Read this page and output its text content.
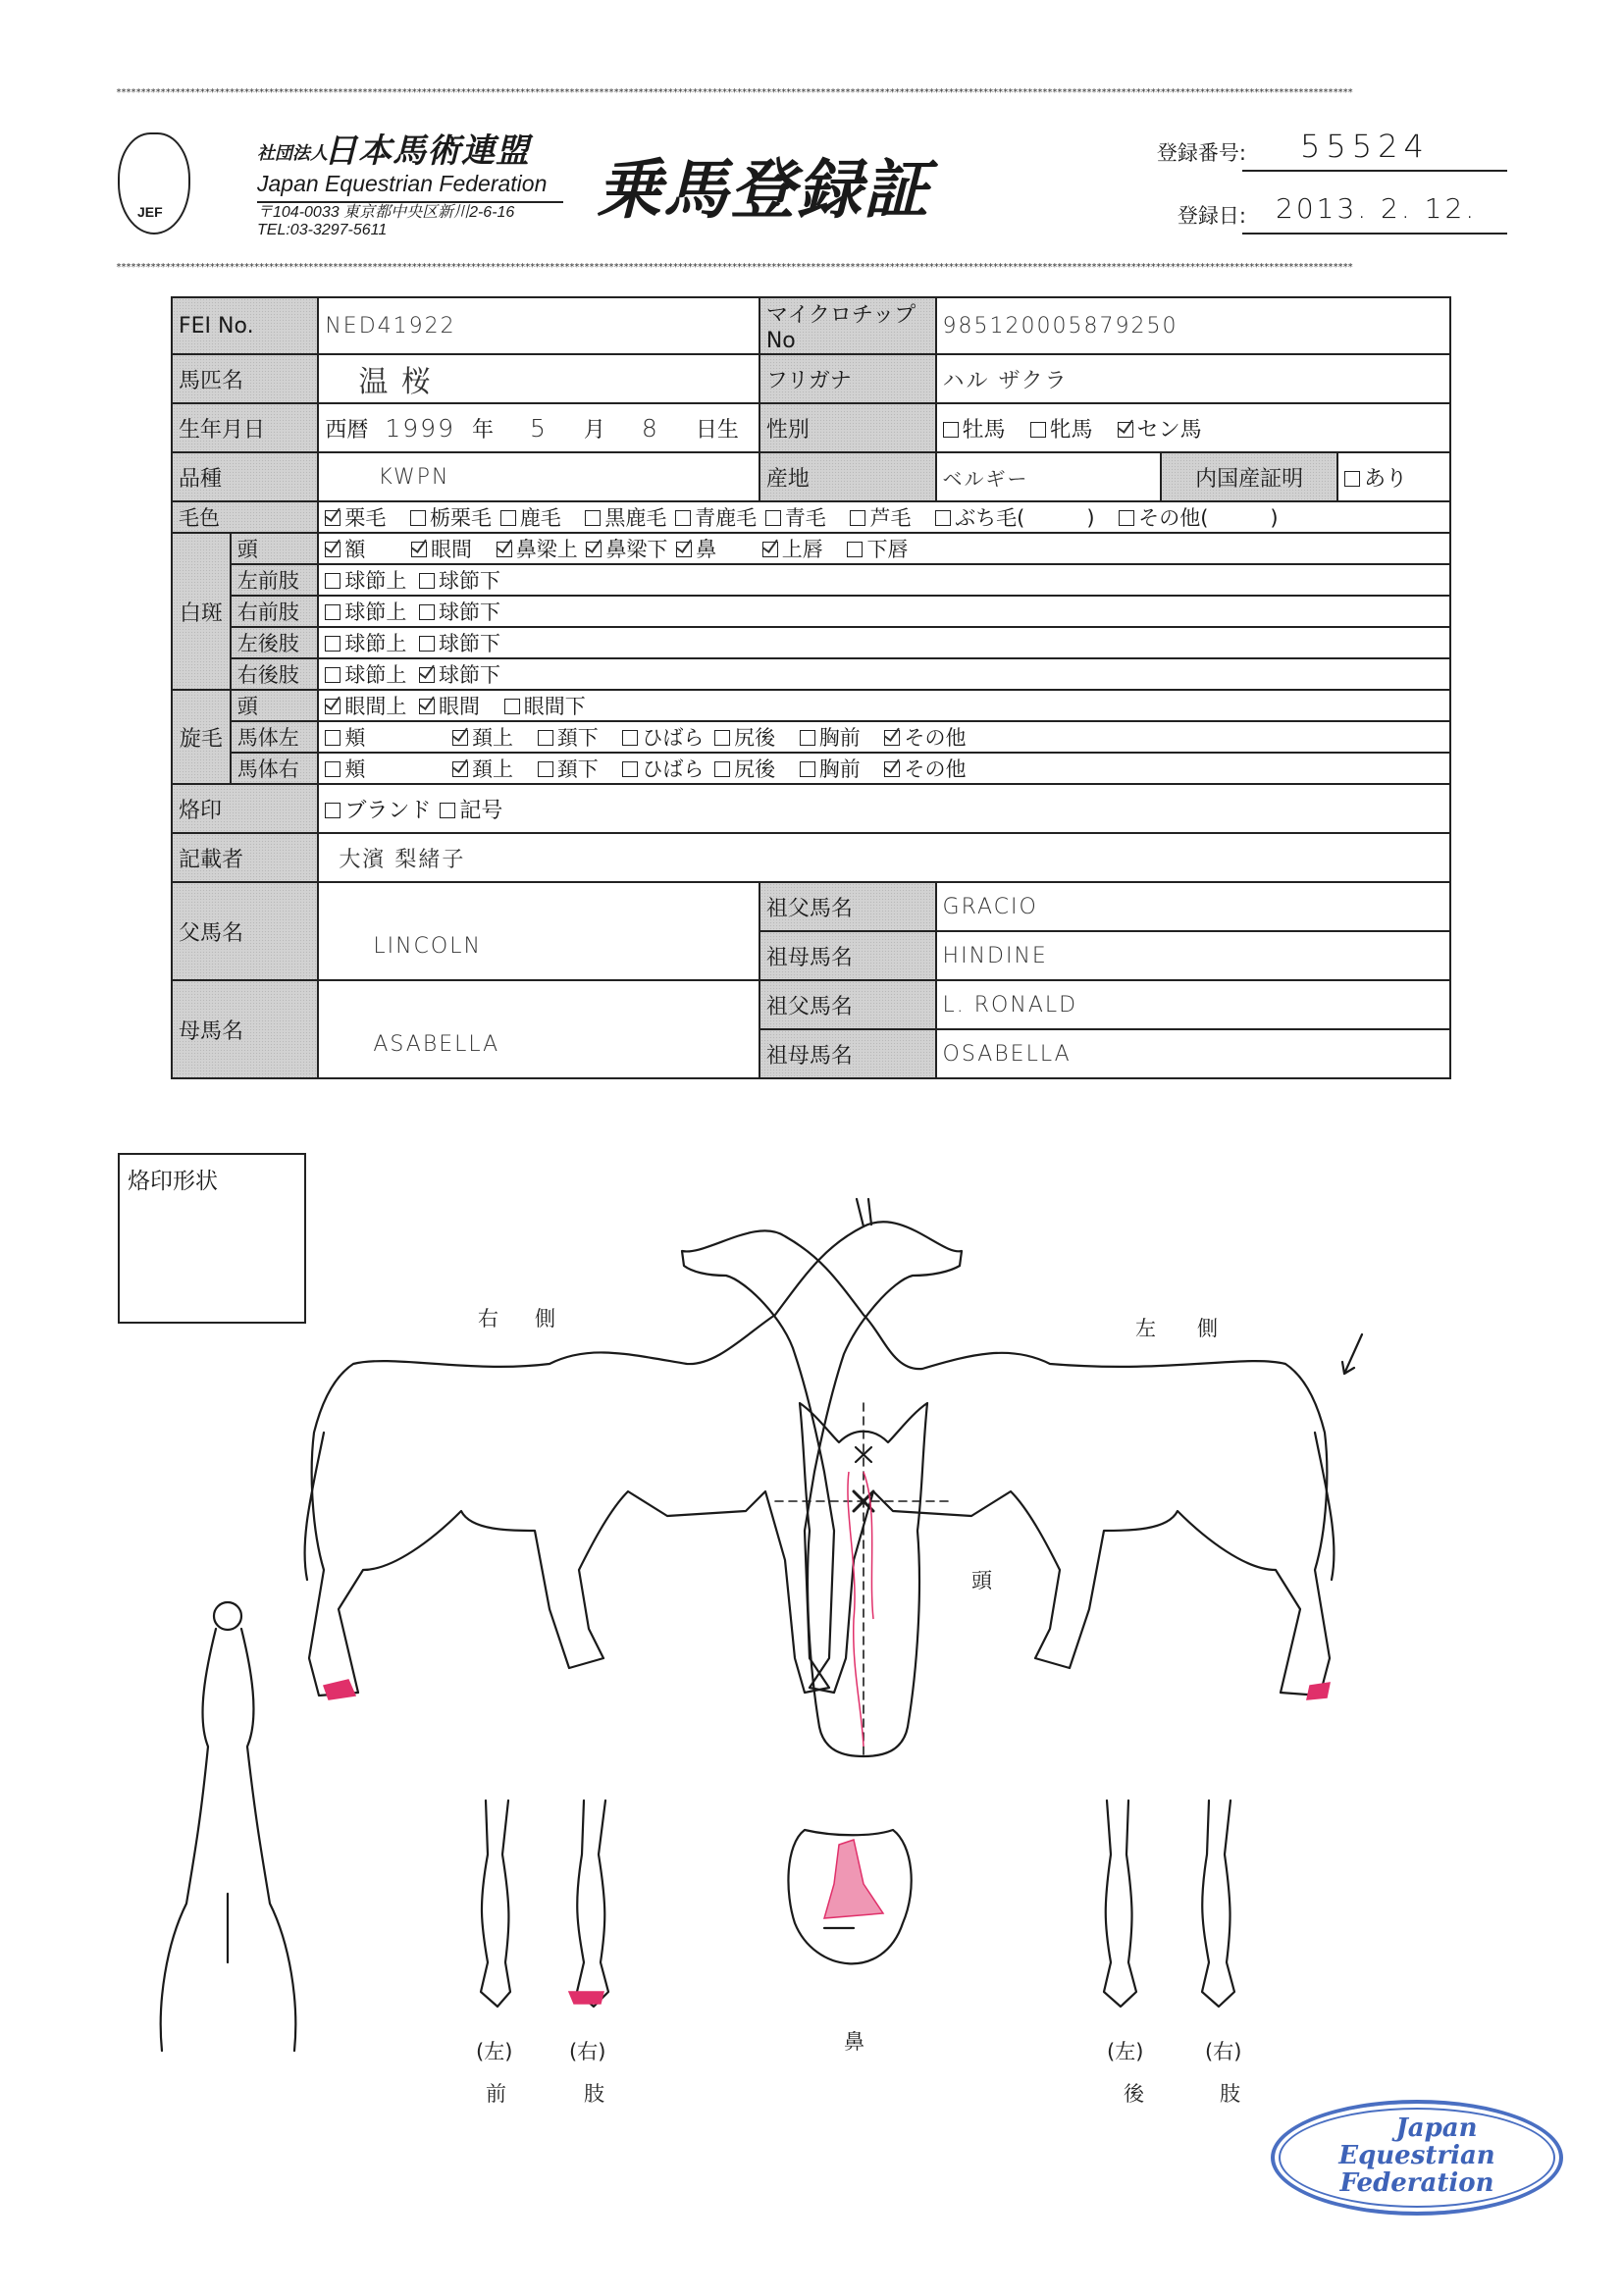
***********************************************************************************************************************************************************************************************************************************************************
JEF
社団法人
日本馬術連盟
Japan Equestrian Federation
〒104-0033 東京都中央区新川2-6-16
TEL:03-3297-5611
乗馬登録証	登録番号: 55524
登録日: 2013. 2. 12.
***********************************************************************************************************************************************************************************************************************************************************
FEI No.		NED41922	マイクロチップNo	985120005879250		
馬匹名		温 桜	フリガナ	ハル ザクラ		
生年月日		西暦 1999 年 5 月 8 日生	性別	牡馬 牝馬 セン馬		
品種		KWPN	産地	ベルギー	内国産証明	あり
毛色		栗毛 栃栗毛 鹿毛 黒鹿毛 青鹿毛 青毛 芦毛 ぶち毛(　　　) その他(　　　)				
白斑	頭	額 眼間 鼻梁上 鼻梁下 鼻 上唇 下唇				
	左前肢	球節上 球節下				
	右前肢	球節上 球節下				
	左後肢	球節上 球節下				
	右後肢	球節上 球節下				
旋毛	頭	眼間上 眼間 眼間下				
	馬体左	頬 頚上 頚下 ひばら 尻後 胸前 その他				
	馬体右	頬 頚上 頚下 ひばら 尻後 胸前 その他				
烙印		ブランド 記号				
記載者		大濱 梨緒子				
父馬名		LINCOLN	祖父馬名	GRACIO		
			祖母馬名	HINDINE		
母馬名		ASABELLA	祖父馬名	L. RONALD		
			祖母馬名	OSABELLA		
烙印形状
右 側	左 側
頭
鼻
(左)	(右)
前	肢
(左)	(右)
後	肢
Japan
Equestrian
Federation
